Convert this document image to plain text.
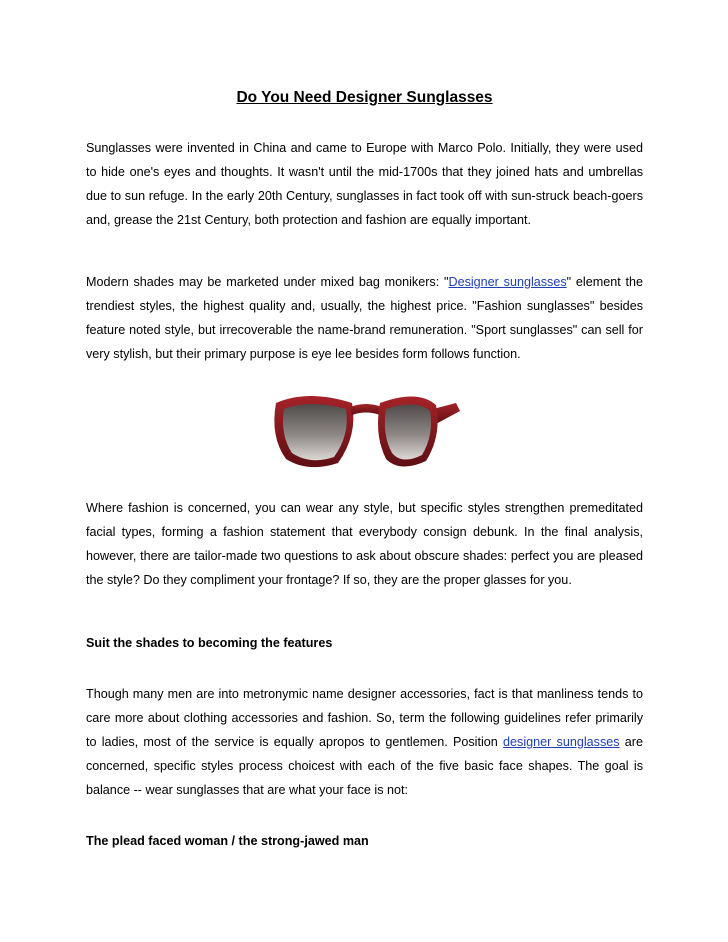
Do You Need Designer Sunglasses

Sunglasses were invented in China and came to Europe with Marco Polo. Initially, they were used to hide one's eyes and thoughts. It wasn't until the mid-1700s that they joined hats and umbrellas due to sun refuge. In the early 20th Century, sunglasses in fact took off with sun-struck beach-goers and, grease the 21st Century, both protection and fashion are equally important.

Modern shades may be marketed under mixed bag monikers: "Designer sunglasses" element the trendiest styles, the highest quality and, usually, the highest price. "Fashion sunglasses" besides feature noted style, but irrecoverable the name-brand remuneration. "Sport sunglasses" can sell for very stylish, but their primary purpose is eye lee besides form follows function.

Where fashion is concerned, you can wear any style, but specific styles strengthen premeditated facial types, forming a fashion statement that everybody consign debunk. In the final analysis, however, there are tailor-made two questions to ask about obscure shades: perfect you are pleased the style? Do they compliment your frontage? If so, they are the proper glasses for you.

Suit the shades to becoming the features

Though many men are into metronymic name designer accessories, fact is that manliness tends to care more about clothing accessories and fashion. So, term the following guidelines refer primarily to ladies, most of the service is equally apropos to gentlemen. Position designer sunglasses are concerned, specific styles process choicest with each of the five basic face shapes. The goal is balance -- wear sunglasses that are what your face is not:

The plead faced woman / the strong-jawed man
